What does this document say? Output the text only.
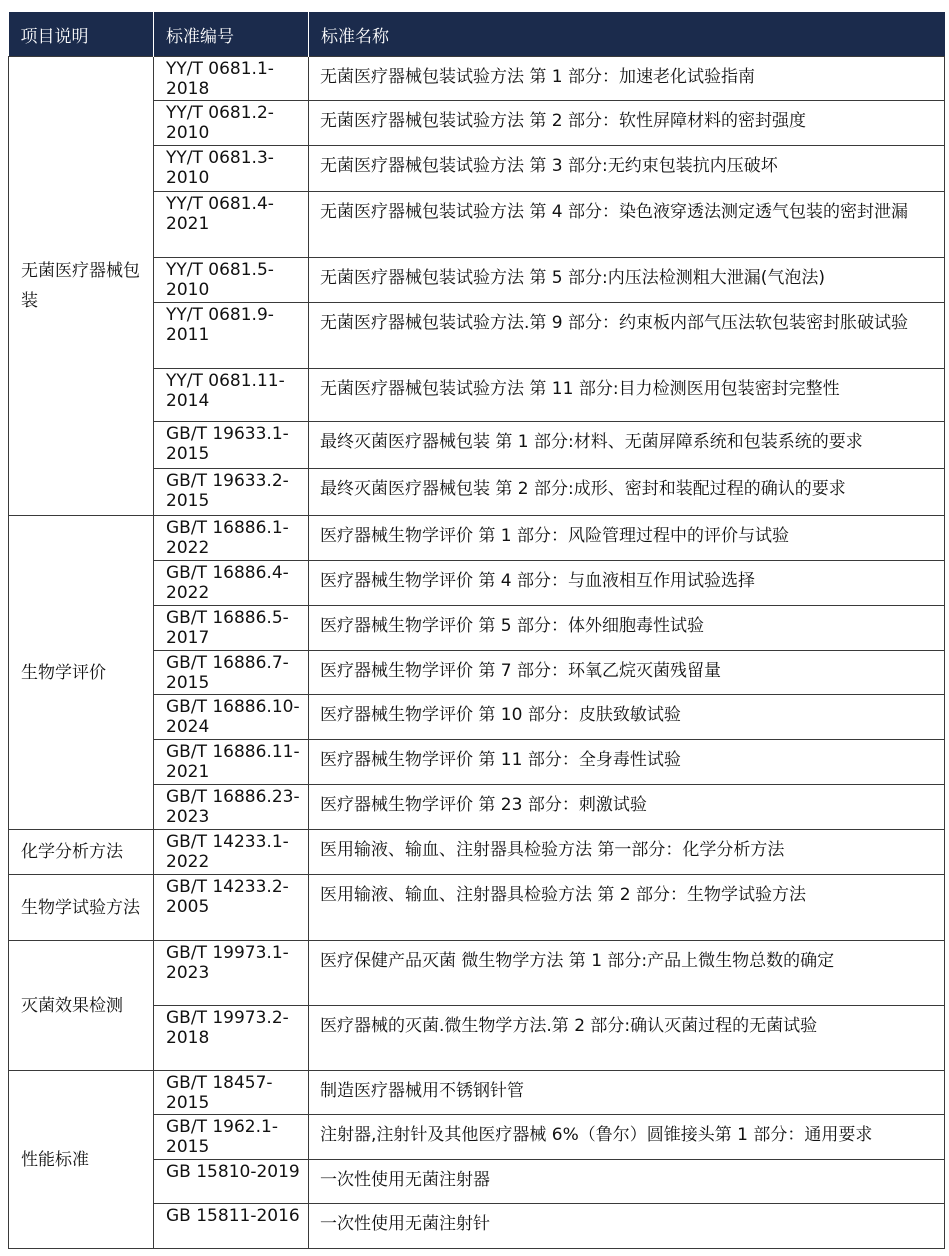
项目说明	标准编号	标准名称
无菌医疗器械包装	YY/T 0681.1-2018	无菌医疗器械包装试验方法 第 1 部分：加速老化试验指南
	YY/T 0681.2-2010	无菌医疗器械包装试验方法 第 2 部分：软性屏障材料的密封强度
	YY/T 0681.3-2010	无菌医疗器械包装试验方法 第 3 部分:无约束包装抗内压破坏
	YY/T 0681.4-2021	无菌医疗器械包装试验方法 第 4 部分：染色液穿透法测定透气包装的密封泄漏
	YY/T 0681.5-2010	无菌医疗器械包装试验方法 第 5 部分:内压法检测粗大泄漏(气泡法)
	YY/T 0681.9-2011	无菌医疗器械包装试验方法.第 9 部分：约束板内部气压法软包装密封胀破试验
	YY/T 0681.11-2014	无菌医疗器械包装试验方法 第 11 部分:目力检测医用包装密封完整性
	GB/T 19633.1-2015	最终灭菌医疗器械包装 第 1 部分:材料、无菌屏障系统和包装系统的要求
	GB/T 19633.2-2015	最终灭菌医疗器械包装 第 2 部分:成形、密封和装配过程的确认的要求
生物学评价	GB/T 16886.1-2022	医疗器械生物学评价 第 1 部分：风险管理过程中的评价与试验
	GB/T 16886.4-2022	医疗器械生物学评价 第 4 部分：与血液相互作用试验选择
	GB/T 16886.5-2017	医疗器械生物学评价 第 5 部分：体外细胞毒性试验
	GB/T 16886.7-2015	医疗器械生物学评价 第 7 部分：环氧乙烷灭菌残留量
	GB/T 16886.10-2024	医疗器械生物学评价 第 10 部分：皮肤致敏试验
	GB/T 16886.11-2021	医疗器械生物学评价 第 11 部分：全身毒性试验
	GB/T 16886.23-2023	医疗器械生物学评价 第 23 部分：刺激试验
化学分析方法	GB/T 14233.1-2022	医用输液、输血、注射器具检验方法 第一部分：化学分析方法
生物学试验方法	GB/T 14233.2-2005	医用输液、输血、注射器具检验方法 第 2 部分：生物学试验方法
灭菌效果检测	GB/T 19973.1-2023	医疗保健产品灭菌 微生物学方法 第 1 部分:产品上微生物总数的确定
	GB/T 19973.2-2018	医疗器械的灭菌.微生物学方法.第 2 部分:确认灭菌过程的无菌试验
性能标准	GB/T 18457-2015	制造医疗器械用不锈钢针管
	GB/T 1962.1-2015	注射器,注射针及其他医疗器械 6%（鲁尔）圆锥接头第 1 部分：通用要求
	GB 15810-2019	一次性使用无菌注射器
	GB 15811-2016	一次性使用无菌注射针
